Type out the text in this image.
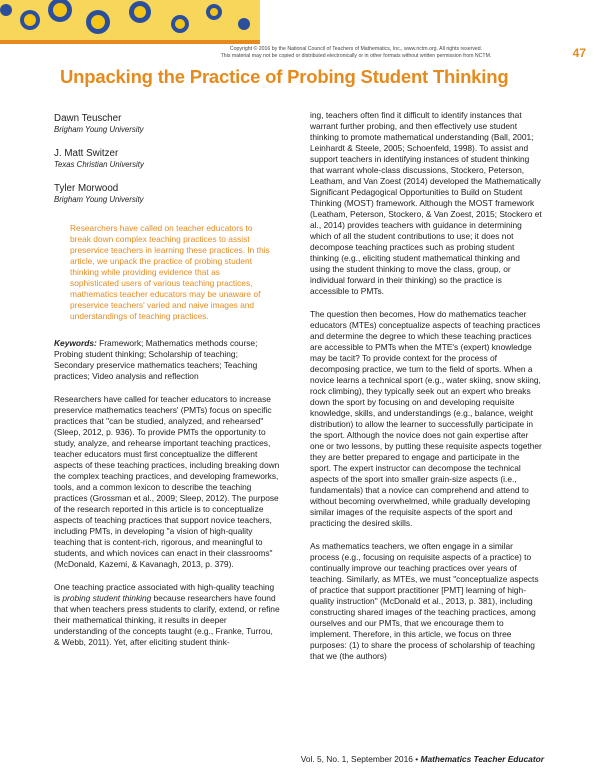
Copyright © 2016 by the National Council of Teachers of Mathematics, Inc., www.nctm.org. All rights reserved.
This material may not be copied or distributed electronically or in other formats without written permission from NCTM.	47
Unpacking the Practice of Probing Student Thinking

Dawn Teuscher

Brigham Young University

J. Matt Switzer

Texas Christian University

Tyler Morwood

Brigham Young University

Researchers have called on teacher educators to break down complex teaching practices to assist preservice teachers in learning these practices. In this article, we unpack the practice of probing student thinking while providing evidence that as sophisticated users of various teaching practices, mathematics teacher educators may be unaware of preservice teachers' varied and naive images and understandings of teaching practices.
Keywords: Framework; Mathematics methods course; Probing student thinking; Scholarship of teaching; Secondary preservice mathematics teachers; Teaching practices; Video analysis and reflection

Researchers have called for teacher educators to increase preservice mathematics teachers' (PMTs) focus on specific practices that "can be studied, analyzed, and rehearsed" (Sleep, 2012, p. 936). To provide PMTs the opportunity to study, analyze, and rehearse important teaching practices, teacher educators must first conceptualize the different aspects of these teaching practices, including breaking down the complex teaching practices, and developing frameworks, tools, and a common lexicon to describe the teaching practices (Grossman et al., 2009; Sleep, 2012). The purpose of the research reported in this article is to conceptualize aspects of teaching practices that support novice teachers, including PMTs, in developing "a vision of high-quality teaching that is content-rich, rigorous, and meaningful to students, and which novices can enact in their classrooms" (McDonald, Kazemi, & Kavanagh, 2013, p. 379).

One teaching practice associated with high-quality teaching is probing student thinking because researchers have found that when teachers press students to clarify, extend, or refine their mathematical thinking, it results in deeper understanding of the concepts taught (e.g., Franke, Turrou, & Webb, 2011). Yet, after eliciting student think-

ing, teachers often find it difficult to identify instances that warrant further probing, and then effectively use student thinking to promote mathematical understanding (Ball, 2001; Leinhardt & Steele, 2005; Schoenfeld, 1998). To assist and support teachers in identifying instances of student thinking that warrant whole-class discussions, Stockero, Peterson, Leatham, and Van Zoest (2014) developed the Mathematically Significant Pedagogical Opportunities to Build on Student Thinking (MOST) framework. Although the MOST framework (Leatham, Peterson, Stockero, & Van Zoest, 2015; Stockero et al., 2014) provides teachers with guidance in determining which of all the student contributions to use; it does not decompose teaching practices such as probing student thinking (e.g., eliciting student mathematical thinking and using the student thinking to move the class, group, or individual forward in their thinking) so the practice is accessible to PMTs.

The question then becomes, How do mathematics teacher educators (MTEs) conceptualize aspects of teaching practices and determine the degree to which these teaching practices are accessible to PMTs when the MTE's (expert) knowledge may be tacit? To provide context for the process of decomposing practice, we turn to the field of sports. When a novice learns a technical sport (e.g., water skiing, snow skiing, rock climbing), they typically seek out an expert who breaks down the sport by focusing on and developing requisite knowledge, skills, and understandings (e.g., balance, weight distribution) to allow the learner to successfully participate in the sport. Although the novice does not gain expertise after one or two lessons, by putting these requisite aspects together they are better prepared to engage and participate in the sport. The expert instructor can decompose the technical aspects of the sport into smaller grain-size aspects (i.e., fundamentals) that a novice can comprehend and attend to without becoming overwhelmed, while gradually developing similar images of the requisite aspects of the sport and practicing the desired skills.

As mathematics teachers, we often engage in a similar process (e.g., focusing on requisite aspects of a practice) to continually improve our teaching practices over years of teaching. Similarly, as MTEs, we must "conceptualize aspects of practice that support practitioner [PMT] learning of high-quality instruction" (McDonald et al., 2013, p. 381), including constructing shared images of the teaching practices, among ourselves and our PMTs, that we encourage them to implement. Therefore, in this article, we focus on three purposes: (1) to share the process of scholarship of teaching that we (the authors)

Vol. 5, No. 1, September 2016 • Mathematics Teacher Educator
